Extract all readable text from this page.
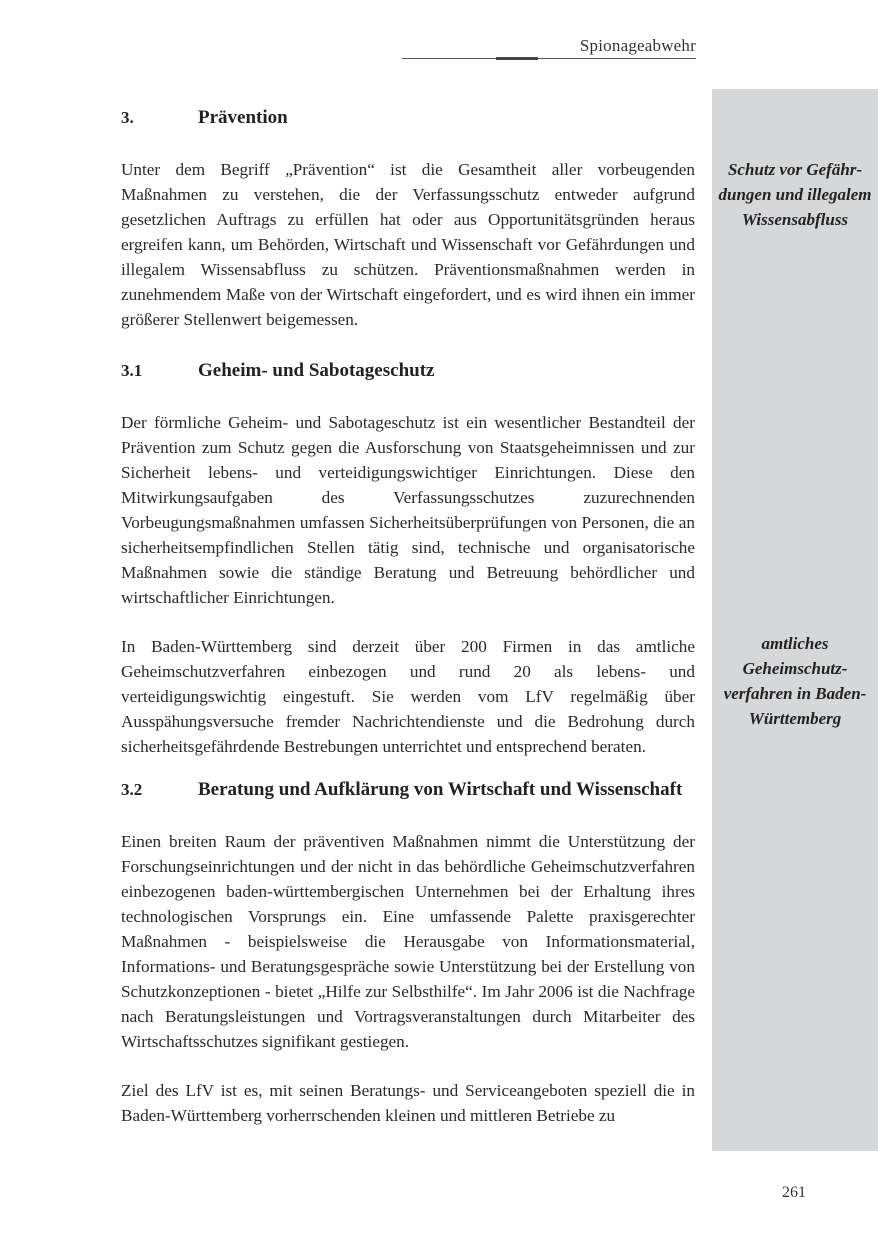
Spionageabwehr
Schutz vor Gefähr-dungen und illegalem Wissensabfluss
amtliches Geheimschutz-verfahren in Baden-Württemberg
3.	Prävention

Unter dem Begriff „Prävention“ ist die Gesamtheit aller vorbeugenden Maßnahmen zu verstehen, die der Verfassungsschutz entweder aufgrund gesetzlichen Auftrags zu erfüllen hat oder aus Opportunitätsgründen heraus ergreifen kann, um Behörden, Wirtschaft und Wissenschaft vor Gefährdungen und illegalem Wissensabfluss zu schützen. Präventionsmaßnahmen werden in zunehmendem Maße von der Wirtschaft eingefordert, und es wird ihnen ein immer größerer Stellenwert beigemessen.

3.1	Geheim- und Sabotageschutz

Der förmliche Geheim- und Sabotageschutz ist ein wesentlicher Bestandteil der Prävention zum Schutz gegen die Ausforschung von Staatsgeheimnissen und zur Sicherheit lebens- und verteidigungswichtiger Einrichtungen. Diese den Mitwirkungsaufgaben des Verfassungsschutzes zuzurechnenden Vorbeugungsmaßnahmen umfassen Sicherheitsüberprüfungen von Personen, die an sicherheitsempfindlichen Stellen tätig sind, technische und organisatorische Maßnahmen sowie die ständige Beratung und Betreuung behördlicher und wirtschaftlicher Einrichtungen.

In Baden-Württemberg sind derzeit über 200 Firmen in das amtliche Geheimschutzverfahren einbezogen und rund 20 als lebens- und verteidigungswichtig eingestuft. Sie werden vom LfV regelmäßig über Ausspähungsversuche fremder Nachrichtendienste und die Bedrohung durch sicherheitsgefährdende Bestrebungen unterrichtet und entsprechend beraten.

3.2	Beratung und Aufklärung von Wirtschaft und Wissenschaft

Einen breiten Raum der präventiven Maßnahmen nimmt die Unterstützung der Forschungseinrichtungen und der nicht in das behördliche Geheimschutzverfahren einbezogenen baden-württembergischen Unternehmen bei der Erhaltung ihres technologischen Vorsprungs ein. Eine umfassende Palette praxisgerechter Maßnahmen - beispielsweise die Herausgabe von Informationsmaterial, Informations- und Beratungsgespräche sowie Unterstützung bei der Erstellung von Schutzkonzeptionen - bietet „Hilfe zur Selbsthilfe“. Im Jahr 2006 ist die Nachfrage nach Beratungsleistungen und Vortragsveranstaltungen durch Mitarbeiter des Wirtschaftsschutzes signifikant gestiegen.

Ziel des LfV ist es, mit seinen Beratungs- und Serviceangeboten speziell die in Baden-Württemberg vorherrschenden kleinen und mittleren Betriebe zu

261
